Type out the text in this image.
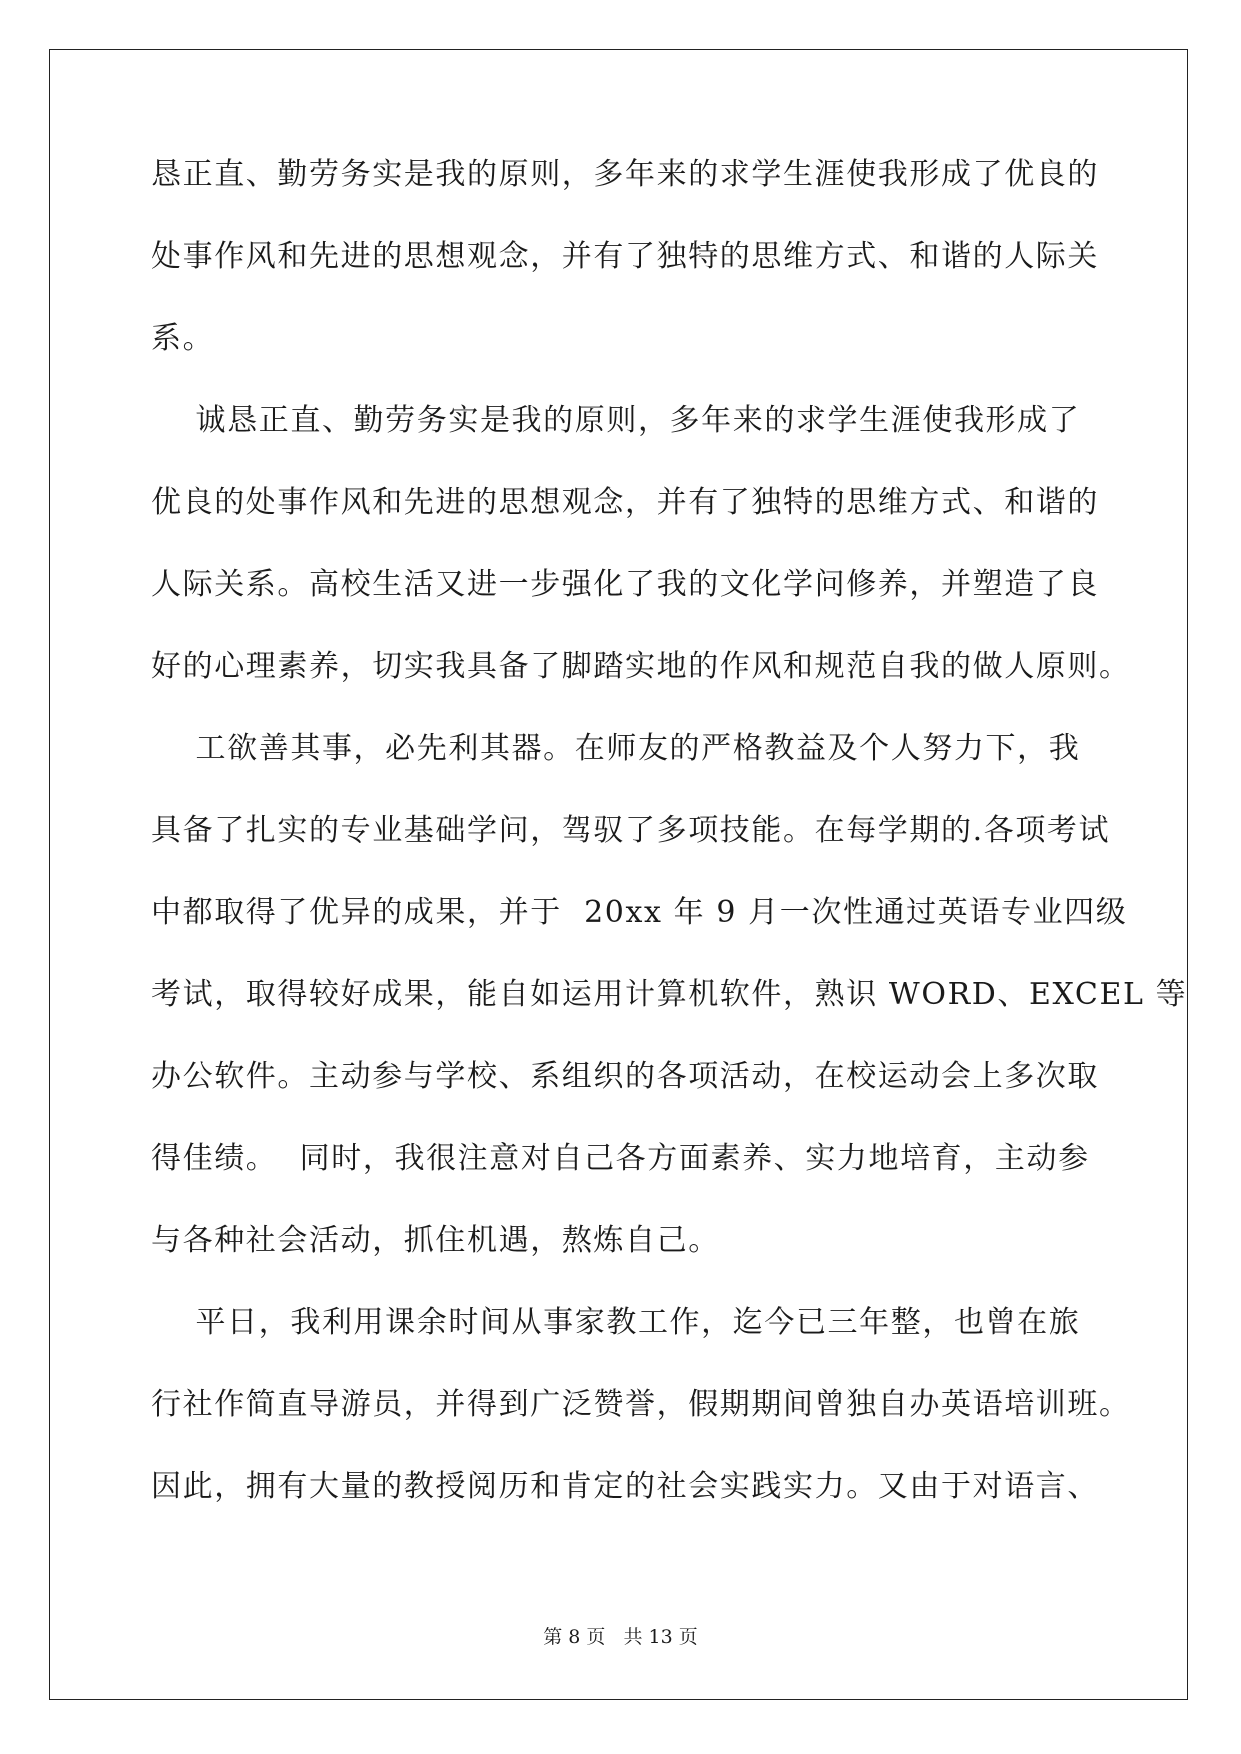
恳正直、勤劳务实是我的原则，多年来的求学生涯使我形成了优良的
处事作风和先进的思想观念，并有了独特的思维方式、和谐的人际关
系。
诚恳正直、勤劳务实是我的原则，多年来的求学生涯使我形成了
优良的处事作风和先进的思想观念，并有了独特的思维方式、和谐的
人际关系。高校生活又进一步强化了我的文化学问修养，并塑造了良
好的心理素养，切实我具备了脚踏实地的作风和规范自我的做人原则。
工欲善其事，必先利其器。在师友的严格教益及个人努力下，我
具备了扎实的专业基础学问，驾驭了多项技能。在每学期的.各项考试
中都取得了优异的成果，并于  20xx 年 9 月一次性通过英语专业四级
考试，取得较好成果，能自如运用计算机软件，熟识 WORD、EXCEL 等
办公软件。主动参与学校、系组织的各项活动，在校运动会上多次取
得佳绩。  同时，我很注意对自己各方面素养、实力地培育，主动参
与各种社会活动，抓住机遇，熬炼自己。
平日，我利用课余时间从事家教工作，迄今已三年整，也曾在旅
行社作简直导游员，并得到广泛赞誉，假期期间曾独自办英语培训班。
因此，拥有大量的教授阅历和肯定的社会实践实力。又由于对语言、
第 8 页   共 13 页
